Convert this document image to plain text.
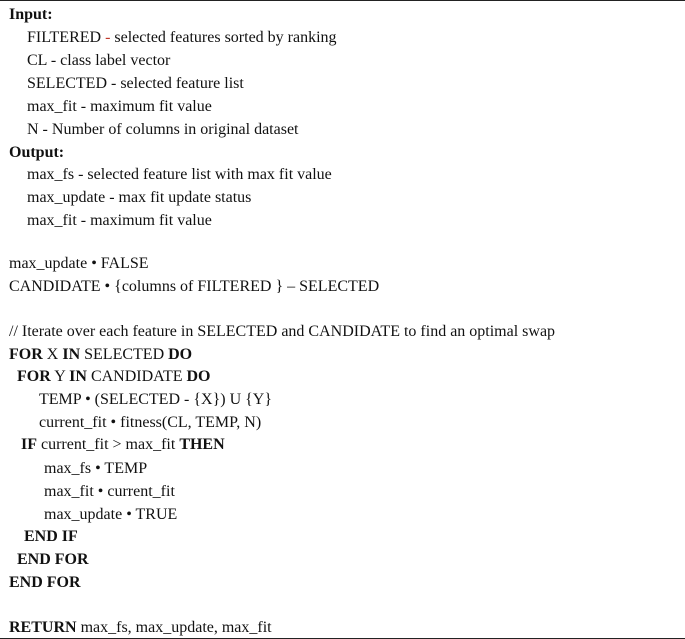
Input:
FILTERED - selected features sorted by ranking
CL - class label vector
SELECTED - selected feature list
max_fit - maximum fit value
N - Number of columns in original dataset
Output:
max_fs - selected feature list with max fit value
max_update - max fit update status
max_fit - maximum fit value
max_update • FALSE
CANDIDATE • {columns of FILTERED } – SELECTED
// Iterate over each feature in SELECTED and CANDIDATE to find an optimal swap
FOR X IN SELECTED DO
FOR Y IN CANDIDATE DO
TEMP • (SELECTED - {X}) U {Y}
current_fit • fitness(CL, TEMP, N)
IF current_fit > max_fit THEN
max_fs • TEMP
max_fit • current_fit
max_update • TRUE
END IF
END FOR
END FOR
RETURN max_fs, max_update, max_fit
